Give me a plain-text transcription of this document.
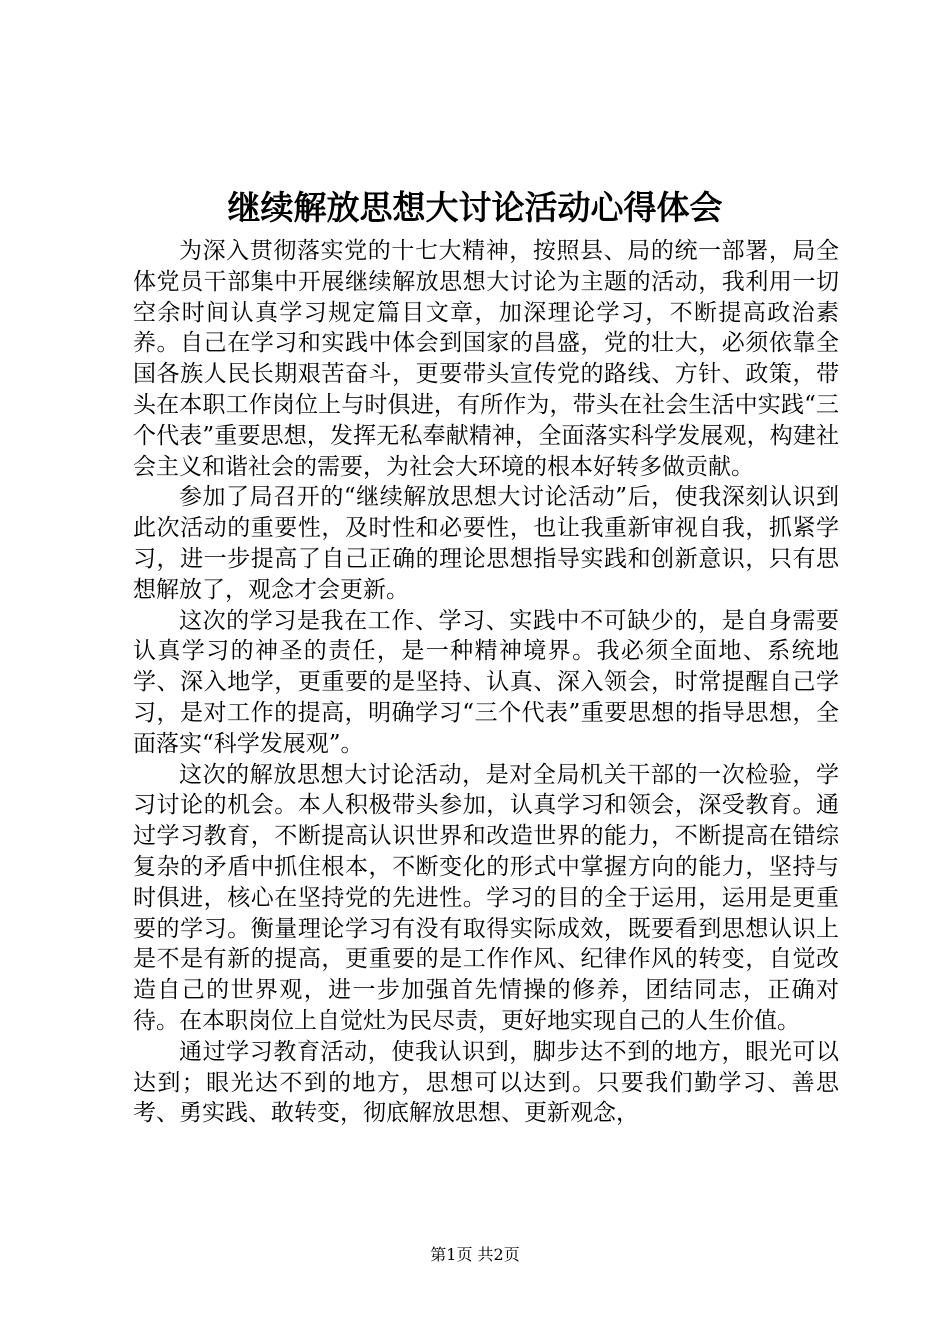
继续解放思想大讨论活动心得体会

为深入贯彻落实党的十七大精神，按照县、局的统一部署，局全体党员干部集中开展继续解放思想大讨论为主题的活动，我利用一切空余时间认真学习规定篇目文章，加深理论学习，不断提高政治素养。自己在学习和实践中体会到国家的昌盛，党的壮大，必须依靠全国各族人民长期艰苦奋斗，更要带头宣传党的路线、方针、政策，带头在本职工作岗位上与时俱进，有所作为，带头在社会生活中实践“三个代表”重要思想，发挥无私奉献精神，全面落实科学发展观，构建社会主义和谐社会的需要，为社会大环境的根本好转多做贡献。

参加了局召开的“继续解放思想大讨论活动”后，使我深刻认识到此次活动的重要性，及时性和必要性，也让我重新审视自我，抓紧学习，进一步提高了自己正确的理论思想指导实践和创新意识，只有思想解放了，观念才会更新。

这次的学习是我在工作、学习、实践中不可缺少的，是自身需要认真学习的神圣的责任，是一种精神境界。我必须全面地、系统地学、深入地学，更重要的是坚持、认真、深入领会，时常提醒自己学习，是对工作的提高，明确学习“三个代表”重要思想的指导思想，全面落实“科学发展观”。

这次的解放思想大讨论活动，是对全局机关干部的一次检验，学习讨论的机会。本人积极带头参加，认真学习和领会，深受教育。通过学习教育，不断提高认识世界和改造世界的能力，不断提高在错综复杂的矛盾中抓住根本，不断变化的形式中掌握方向的能力，坚持与时俱进，核心在坚持党的先进性。学习的目的全于运用，运用是更重要的学习。衡量理论学习有没有取得实际成效，既要看到思想认识上是不是有新的提高，更重要的是工作作风、纪律作风的转变，自觉改造自己的世界观，进一步加强首先情操的修养，团结同志，正确对待。在本职岗位上自觉灶为民尽责，更好地实现自己的人生价值。

通过学习教育活动，使我认识到，脚步达不到的地方，眼光可以达到；眼光达不到的地方，思想可以达到。只要我们勤学习、善思考、勇实践、敢转变，彻底解放思想、更新观念，

第1页 共2页
